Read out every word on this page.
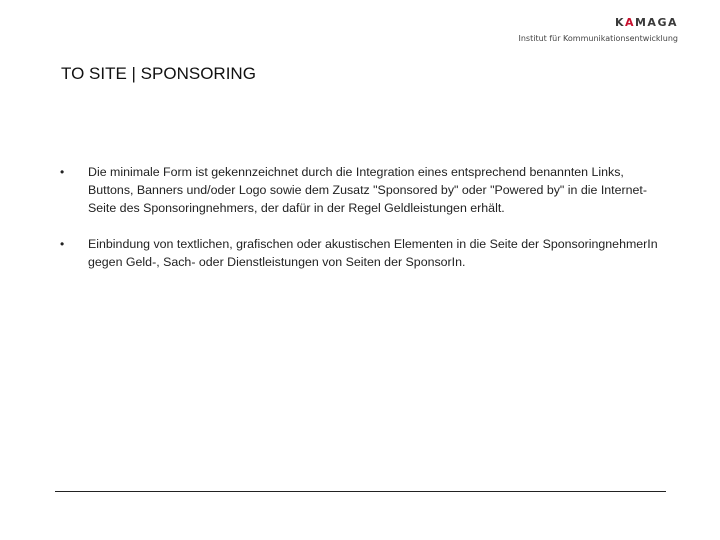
KAMAGA
Institut für Kommunikationsentwicklung
TO SITE | SPONSORING
• Die minimale Form ist gekennzeichnet durch die Integration eines entsprechend benannten Links, Buttons, Banners und/oder Logo sowie dem Zusatz "Sponsored by" oder "Powered by" in die Internet-Seite des Sponsoringnehmers, der dafür in der Regel Geldleistungen erhält.
• Einbindung von textlichen, grafischen oder akustischen Elementen in die Seite der SponsoringnehmerIn gegen Geld-, Sach- oder Dienstleistungen von Seiten der SponsorIn.
